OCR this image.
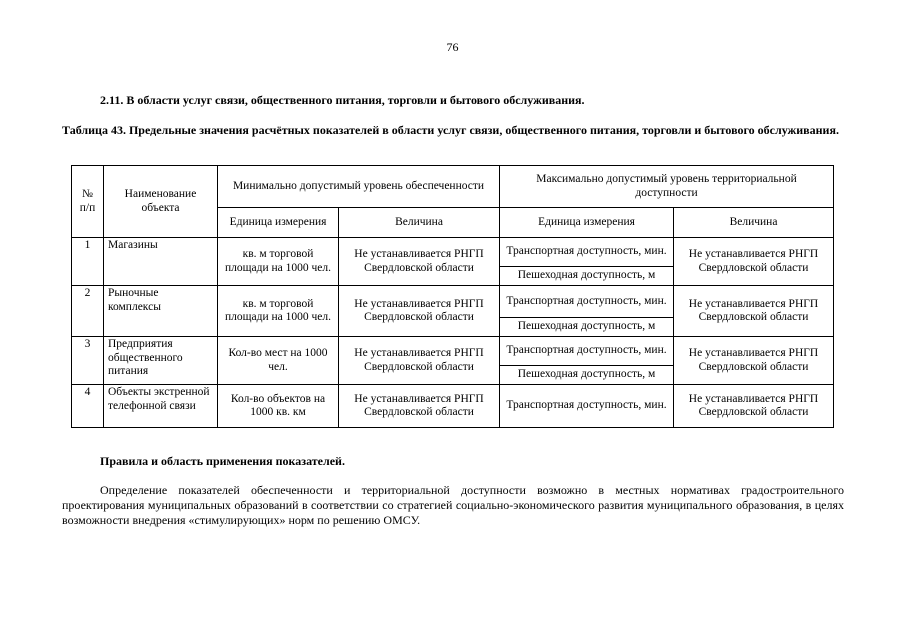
76
2.11. В области услуг связи, общественного питания, торговли и бытового обслуживания.
Таблица 43. Предельные значения расчётных показателей в области услуг связи, общественного питания, торговли и бытового обслуживания.
№ п/п	Наименование объекта	Минимально допустимый уровень обеспеченности		Максимально допустимый уровень территориальной доступности	
		Единица измерения	Величина	Единица измерения	Величина
1	Магазины	кв. м торговой площади на 1000 чел.	Не устанавливается РНГП Свердловской области	Транспортная доступность, мин.	Не устанавливается РНГП Свердловской области
				Пешеходная доступность, м	
2	Рыночные комплексы	кв. м торговой площади на 1000 чел.	Не устанавливается РНГП Свердловской области	Транспортная доступность, мин.	Не устанавливается РНГП Свердловской области
				Пешеходная доступность, м	
3	Предприятия общественного питания	Кол-во мест на 1000 чел.	Не устанавливается РНГП Свердловской области	Транспортная доступность, мин.	Не устанавливается РНГП Свердловской области
				Пешеходная доступность, м	
4	Объекты экстренной телефонной связи	Кол-во объектов на 1000 кв. км	Не устанавливается РНГП Свердловской области	Транспортная доступность, мин.	Не устанавливается РНГП Свердловской области
Правила и область применения показателей.
Определение показателей обеспеченности и территориальной доступности возможно в местных нормативах градостроительного проектирования муниципальных образований в соответствии со стратегией социально-экономического развития муниципального образования, в целях возможности внедрения «стимулирующих» норм по решению ОМСУ.
